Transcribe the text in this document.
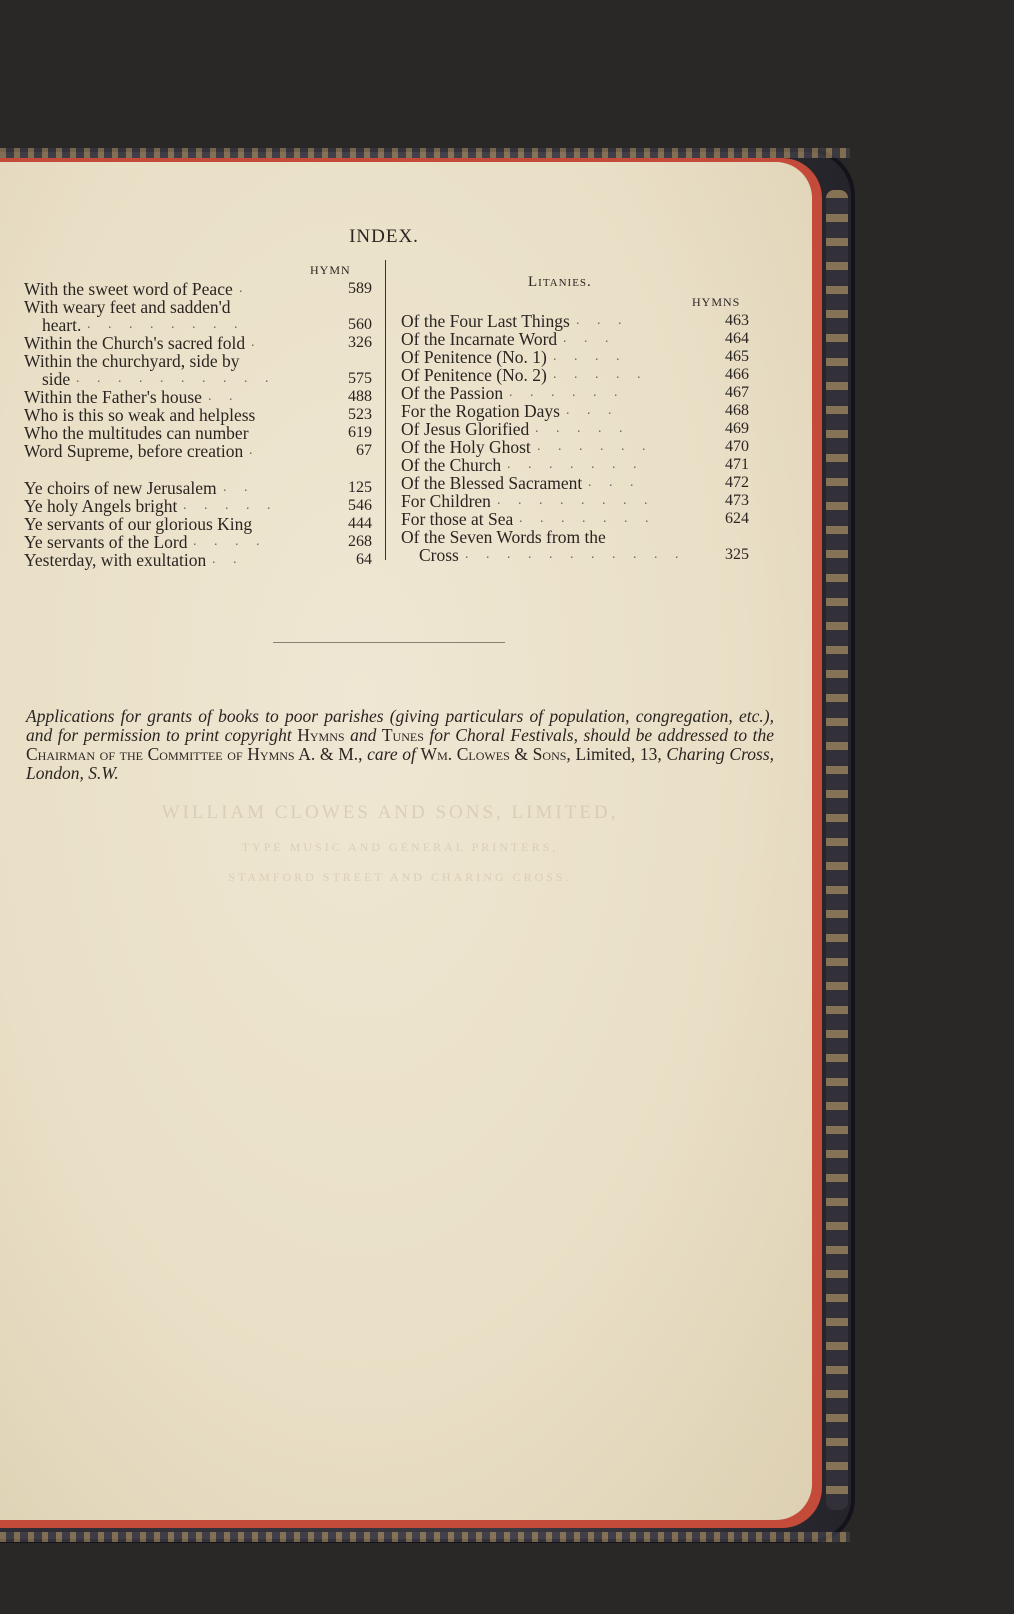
WILLIAM CLOWES AND SONS, LIMITED,
TYPE MUSIC AND GENERAL PRINTERS,
STAMFORD STREET AND CHARING CROSS.
INDEX.
HYMN
With the sweet word of Peace .	589
With weary feet and sadden'd
heart. . . . . . . . .	560
Within the Church's sacred fold .	326
Within the churchyard, side by
side . . . . . . . . . .	575
Within the Father's house . .	488
Who is this so weak and helpless	523
Who the multitudes can number	619
Word Supreme, before creation .	67
Ye choirs of new Jerusalem . .	125
Ye holy Angels bright . . . . .	546
Ye servants of our glorious King	444
Ye servants of the Lord . . . .	268
Yesterday, with exultation . .	64
Litanies.
HYMNS
Of the Four Last Things . . .	463
Of the Incarnate Word . . .	464
Of Penitence (No. 1) . . . .	465
Of Penitence (No. 2) . . . . .	466
Of the Passion . . . . . .	467
For the Rogation Days . . .	468
Of Jesus Glorified . . . . .	469
Of the Holy Ghost . . . . . .	470
Of the Church . . . . . . .	471
Of the Blessed Sacrament . . .	472
For Children . . . . . . . .	473
For those at Sea . . . . . . .	624
Of the Seven Words from the
Cross . . . . . . . . . . . 325
Applications for grants of books to poor parishes (giving particulars of population, congregation, etc.), and for permission to print copyright Hymns and Tunes for Choral Festivals, should be addressed to the Chairman of the Committee of Hymns A. & M., care of Wm. Clowes & Sons, Limited, 13, Charing Cross, London, S.W.
